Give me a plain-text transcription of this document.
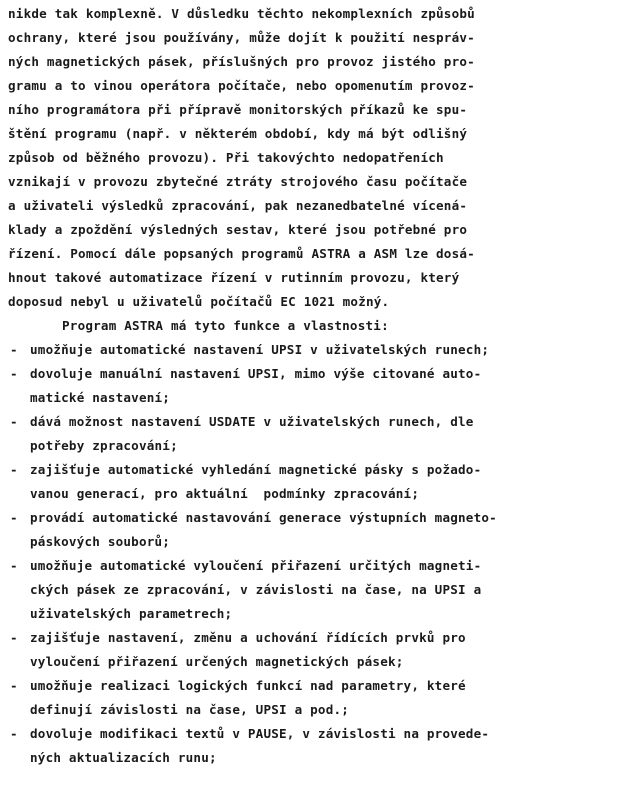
nikde tak komplexně. V důsledku těchto nekomplexních způsobů
ochrany, které jsou používány, může dojít k použití nespráv-
ných magnetických pásek, příslušných pro provoz jistého pro-
gramu a to vinou operátora počítače, nebo opomenutím provoz-
ního programátora při přípravě monitorských příkazů ke spu-
štění programu (např. v některém období, kdy má být odlišný
způsob od běžného provozu). Při takovýchto nedopatřeních
vznikají v provozu zbytečné ztráty strojového času počítače
a uživateli výsledků zpracování, pak nezanedbatelné vícená-
klady a zpoždění výsledných sestav, které jsou potřebné pro
řízení. Pomocí dále popsaných programů ASTRA a ASM lze dosá-
hnout takové automatizace řízení v rutinním provozu, který
doposud nebyl u uživatelů počítačů EC 1021 možný.
Program ASTRA má tyto funkce a vlastnosti:
- umožňuje automatické nastavení UPSI v uživatelských runech;
- dovoluje manuální nastavení UPSI, mimo výše citované auto-
matické nastavení;
- dává možnost nastavení USDATE v uživatelských runech, dle
potřeby zpracování;
- zajišťuje automatické vyhledání magnetické pásky s požado-
vanou generací, pro aktuální  podmínky zpracování;
- provádí automatické nastavování generace výstupních magneto-
páskových souborů;
- umožňuje automatické vyloučení přiřazení určitých magneti-
ckých pásek ze zpracování, v závislosti na čase, na UPSI a
uživatelských parametrech;
- zajišťuje nastavení, změnu a uchování řídících prvků pro
vyloučení přiřazení určených magnetických pásek;
- umožňuje realizaci logických funkcí nad parametry, které
definují závislosti na čase, UPSI a pod.;
- dovoluje modifikaci textů v PAUSE, v závislosti na provede-
ných aktualizacích runu;
